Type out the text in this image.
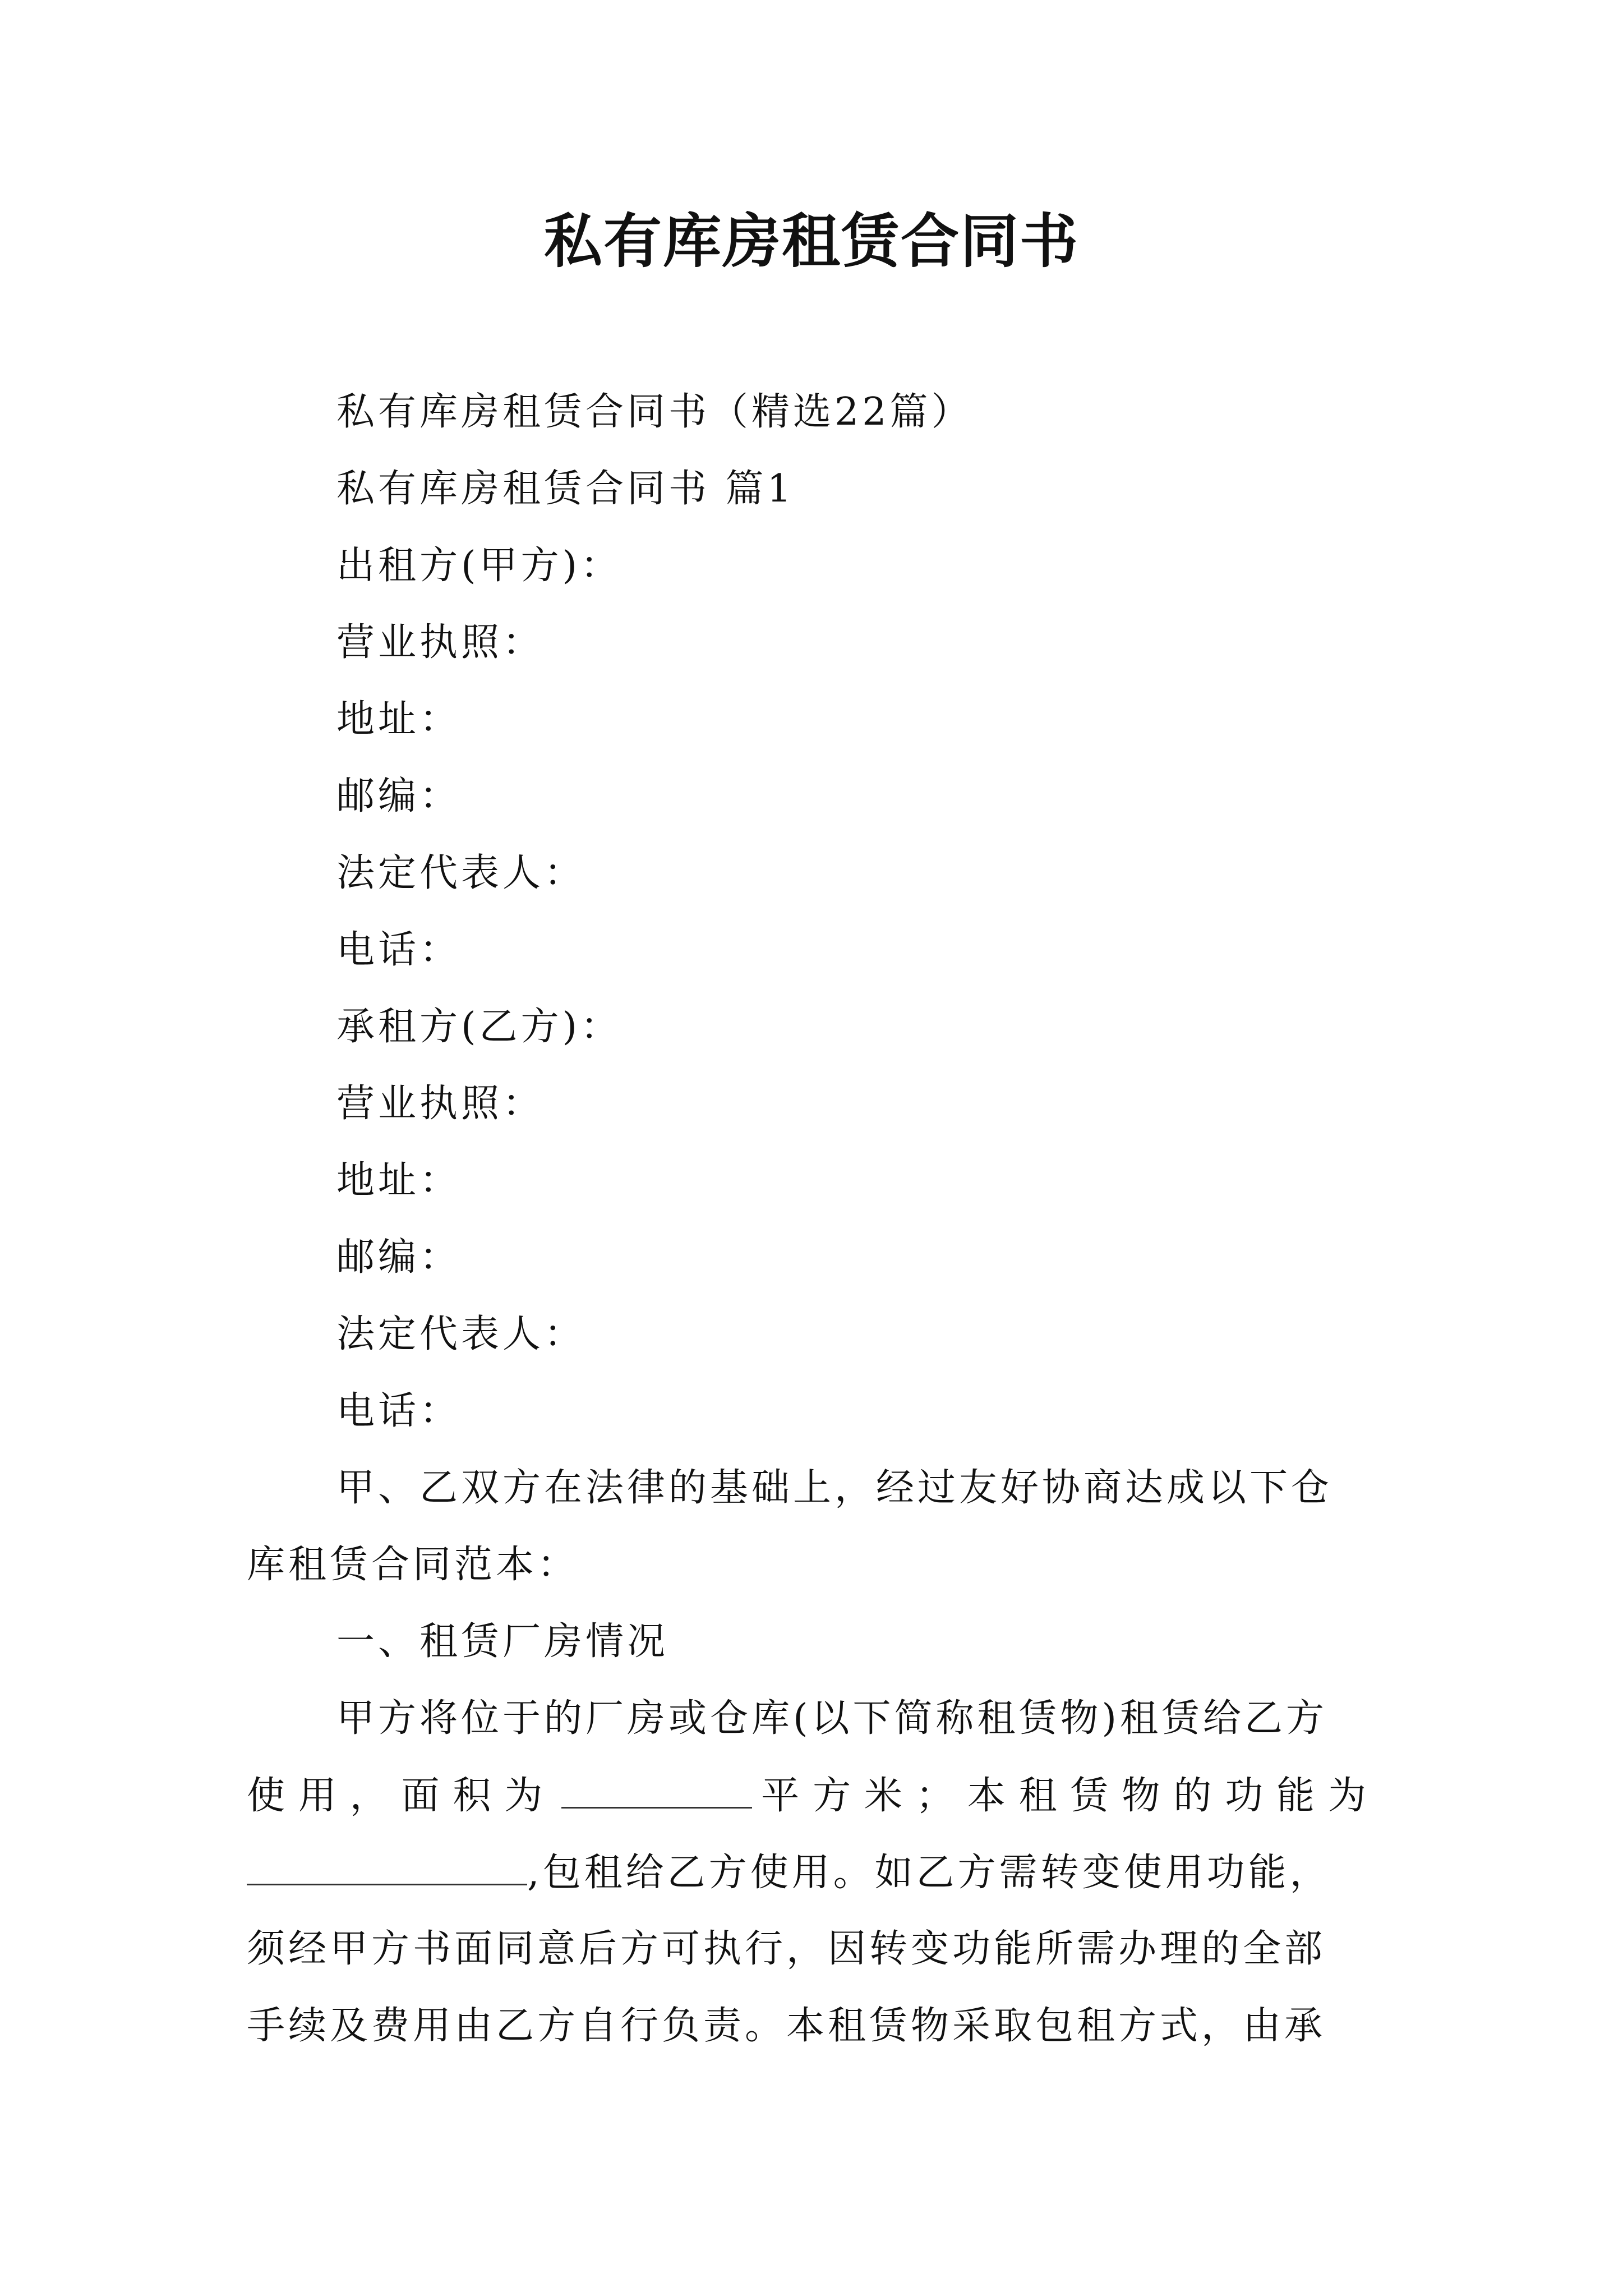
私有库房租赁合同书
私有库房租赁合同书（精选22篇）
私有库房租赁合同书 篇1
出租方(甲方)：
营业执照：
地址：
邮编：
法定代表人：
电话：
承租方(乙方)：
营业执照：
地址：
邮编：
法定代表人：
电话：
甲、乙双方在法律的基础上，经过友好协商达成以下仓
库租赁合同范本：
一、租赁厂房情况
甲方将位于的厂房或仓库(以下简称租赁物)租赁给乙方
使用，面积为	平方米；本租赁物的功能为
,包租给乙方使用。如乙方需转变使用功能，
须经甲方书面同意后方可执行，因转变功能所需办理的全部
手续及费用由乙方自行负责。本租赁物采取包租方式，由承
